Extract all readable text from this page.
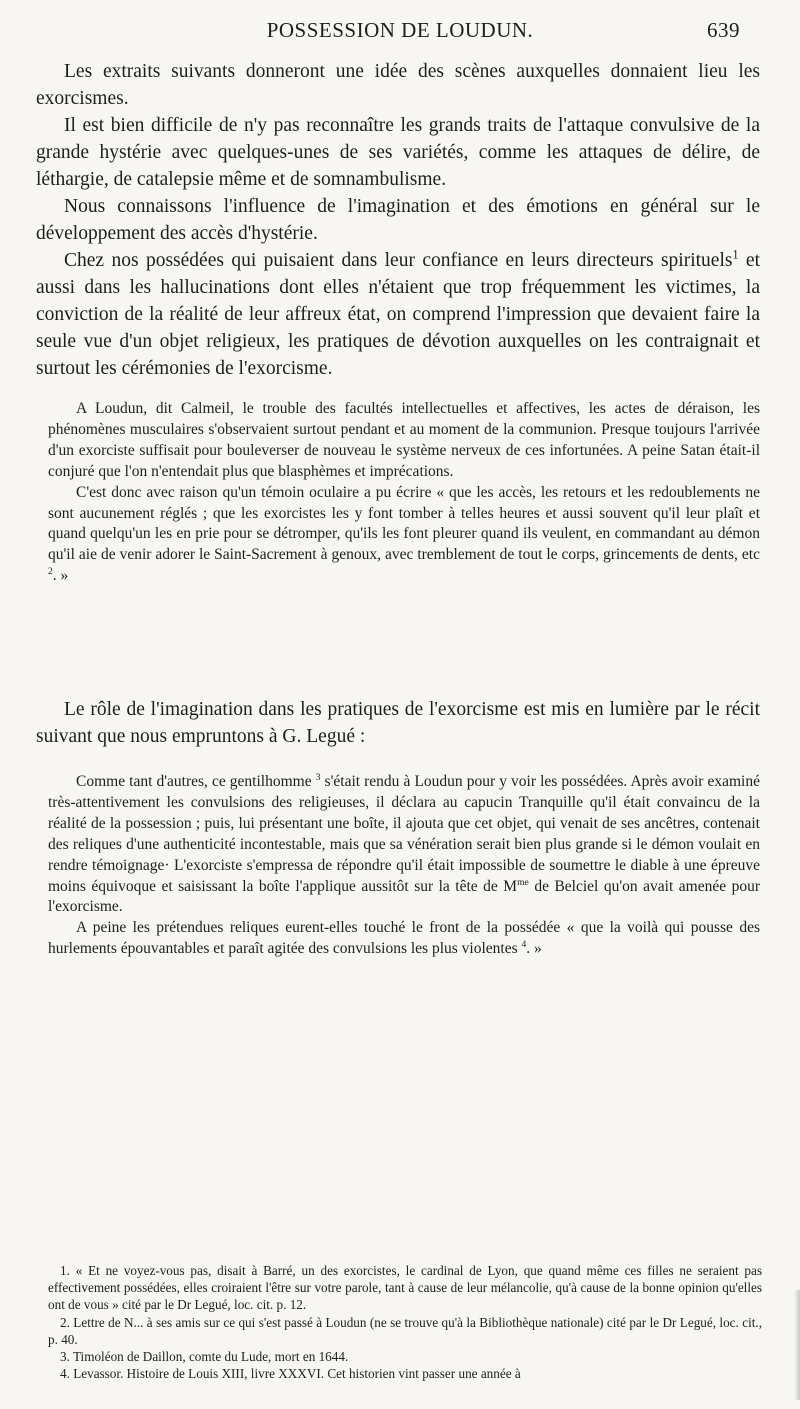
POSSESSION DE LOUDUN.	639

Les extraits suivants donneront une idée des scènes auxquelles donnaient lieu les exorcismes.

Il est bien difficile de n'y pas reconnaître les grands traits de l'attaque convulsive de la grande hystérie avec quelques-unes de ses variétés, comme les attaques de délire, de léthargie, de catalepsie même et de somnambulisme.

Nous connaissons l'influence de l'imagination et des émotions en général sur le développement des accès d'hystérie.

Chez nos possédées qui puisaient dans leur confiance en leurs directeurs spirituels$^1$ et aussi dans les hallucinations dont elles n'étaient que trop fréquemment les victimes, la conviction de la réalité de leur affreux état, on comprend l'impression que devaient faire la seule vue d'un objet religieux, les pratiques de dévotion auxquelles on les contraignait et surtout les cérémonies de l'exorcisme.

A Loudun, dit Calmeil, le trouble des facultés intellectuelles et affectives, les actes de déraison, les phénomènes musculaires s'observaient surtout pendant et au moment de la communion. Presque toujours l'arrivée d'un exorciste suffisait pour bouleverser de nouveau le système nerveux de ces infortunées. A peine Satan était-il conjuré que l'on n'entendait plus que blasphèmes et imprécations.

C'est donc avec raison qu'un témoin oculaire a pu écrire « que les accès, les retours et les redoublements ne sont aucunement réglés ; que les exorcistes les y font tomber à telles heures et aussi souvent qu'il leur plaît et quand quelqu'un les en prie pour se détromper, qu'ils les font pleurer quand ils veulent, en commandant au démon qu'il aie de venir adorer le Saint-Sacrement à genoux, avec tremblement de tout le corps, grincements de dents, etc $^2$. »

Le rôle de l'imagination dans les pratiques de l'exorcisme est mis en lumière par le récit suivant que nous empruntons à G. Legué :

Comme tant d'autres, ce gentilhomme $^3$ s'était rendu à Loudun pour y voir les possédées. Après avoir examiné très-attentivement les convulsions des religieuses, il déclara au capucin Tranquille qu'il était convaincu de la réalité de la possession ; puis, lui présentant une boîte, il ajouta que cet objet, qui venait de ses ancêtres, contenait des reliques d'une authenticité incontestable, mais que sa vénération serait bien plus grande si le démon voulait en rendre témoignage· L'exorciste s'empressa de répondre qu'il était impossible de soumettre le diable à une épreuve moins équivoque et saisissant la boîte l'applique aussitôt sur la tête de $M^{me}$ de Belciel qu'on avait amenée pour l'exorcisme.

A peine les prétendues reliques eurent-elles touché le front de la possédée « que la voilà qui pousse des hurlements épouvantables et paraît agitée des convulsions les plus violentes $^4$. »

1. « Et ne voyez-vous pas, disait à Barré, un des exorcistes, le cardinal de Lyon, que quand même ces filles ne seraient pas effectivement possédées, elles croiraient l'être sur votre parole, tant à cause de leur mélancolie, qu'à cause de la bonne opinion qu'elles ont de vous » cité par le Dr Legué, loc. cit. p. 12.

2. Lettre de N... à ses amis sur ce qui s'est passé à Loudun (ne se trouve qu'à la Bibliothèque nationale) cité par le Dr Legué, loc. cit., p. 40.

3. Timoléon de Daillon, comte du Lude, mort en 1644.

4. Levassor. Histoire de Louis XIII, livre XXXVI. Cet historien vint passer une année à
